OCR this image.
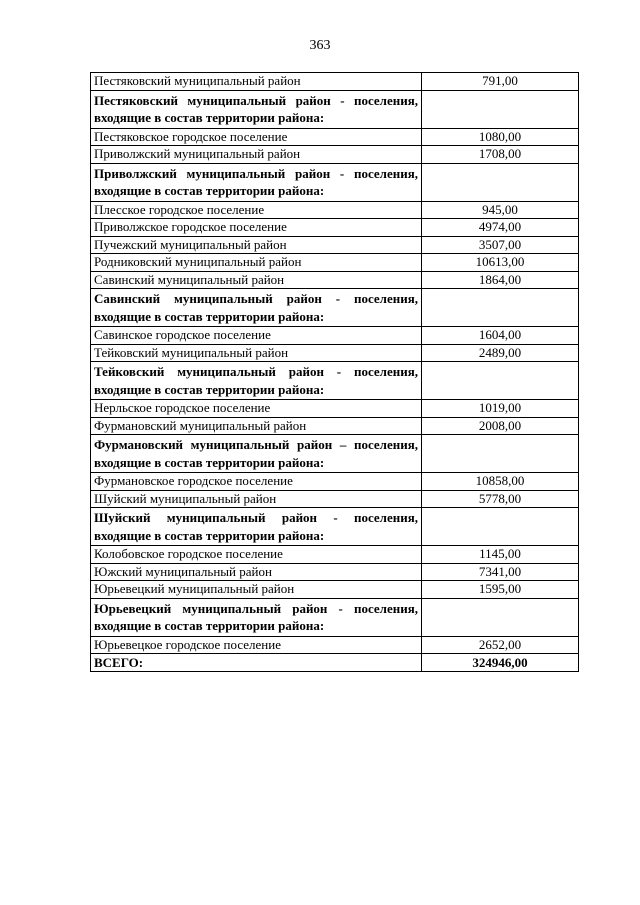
363
Пестяковский муниципальный район	791,00
Пестяковский муниципальный район - поселения, входящие в состав территории района:	
Пестяковское городское поселение	1080,00
Приволжский муниципальный район	1708,00
Приволжский муниципальный район - поселения, входящие в состав территории района:	
Плесское городское поселение	945,00
Приволжское городское поселение	4974,00
Пучежский муниципальный район	3507,00
Родниковский муниципальный район	10613,00
Савинский муниципальный район	1864,00
Савинский муниципальный район - поселения, входящие в состав территории района:	
Савинское городское поселение	1604,00
Тейковский муниципальный район	2489,00
Тейковский муниципальный район - поселения, входящие в состав территории района:	
Нерльское городское поселение	1019,00
Фурмановский муниципальный район	2008,00
Фурмановский муниципальный район – поселения, входящие в состав территории района:	
Фурмановское городское поселение	10858,00
Шуйский муниципальный район	5778,00
Шуйский муниципальный район - поселения, входящие в состав территории района:	
Колобовское городское поселение	1145,00
Южский муниципальный район	7341,00
Юрьевецкий муниципальный район	1595,00
Юрьевецкий муниципальный район - поселения, входящие в состав территории района:	
Юрьевецкое городское поселение	2652,00
ВСЕГО:	324946,00
